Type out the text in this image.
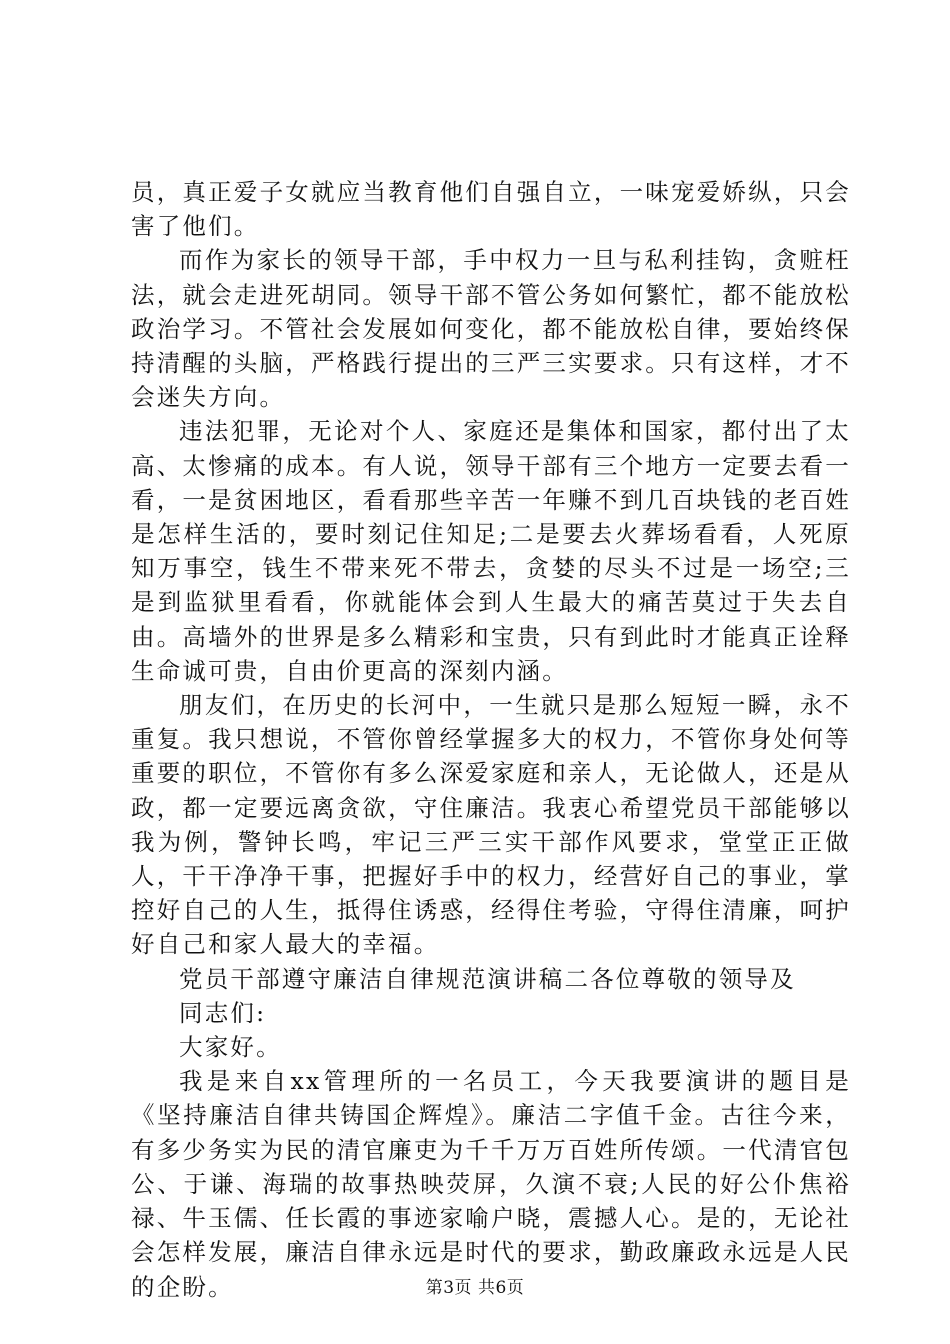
员，真正爱子女就应当教育他们自强自立，一味宠爱娇纵，只会害了他们。

而作为家长的领导干部，手中权力一旦与私利挂钩，贪赃枉法，就会走进死胡同。领导干部不管公务如何繁忙，都不能放松政治学习。不管社会发展如何变化，都不能放松自律，要始终保持清醒的头脑，严格践行提出的三严三实要求。只有这样，才不会迷失方向。

违法犯罪，无论对个人、家庭还是集体和国家，都付出了太高、太惨痛的成本。有人说，领导干部有三个地方一定要去看一看，一是贫困地区，看看那些辛苦一年赚不到几百块钱的老百姓是怎样生活的，要时刻记住知足;二是要去火葬场看看，人死原知万事空，钱生不带来死不带去，贪婪的尽头不过是一场空;三是到监狱里看看，你就能体会到人生最大的痛苦莫过于失去自由。高墙外的世界是多么精彩和宝贵，只有到此时才能真正诠释生命诚可贵，自由价更高的深刻内涵。

朋友们，在历史的长河中，一生就只是那么短短一瞬，永不重复。我只想说，不管你曾经掌握多大的权力，不管你身处何等重要的职位，不管你有多么深爱家庭和亲人，无论做人，还是从政，都一定要远离贪欲，守住廉洁。我衷心希望党员干部能够以我为例，警钟长鸣，牢记三严三实干部作风要求，堂堂正正做人，干干净净干事，把握好手中的权力，经营好自己的事业，掌控好自己的人生，抵得住诱惑，经得住考验，守得住清廉，呵护好自己和家人最大的幸福。

党员干部遵守廉洁自律规范演讲稿二各位尊敬的领导及

同志们:

大家好。

我是来自xx管理所的一名员工，今天我要演讲的题目是《坚持廉洁自律共铸国企辉煌》。廉洁二字值千金。古往今来，有多少务实为民的清官廉吏为千千万万百姓所传颂。一代清官包公、于谦、海瑞的故事热映荧屏，久演不衰;人民的好公仆焦裕禄、牛玉儒、任长霞的事迹家喻户晓，震撼人心。是的，无论社会怎样发展，廉洁自律永远是时代的要求，勤政廉政永远是人民的企盼。	第3页 共6页
